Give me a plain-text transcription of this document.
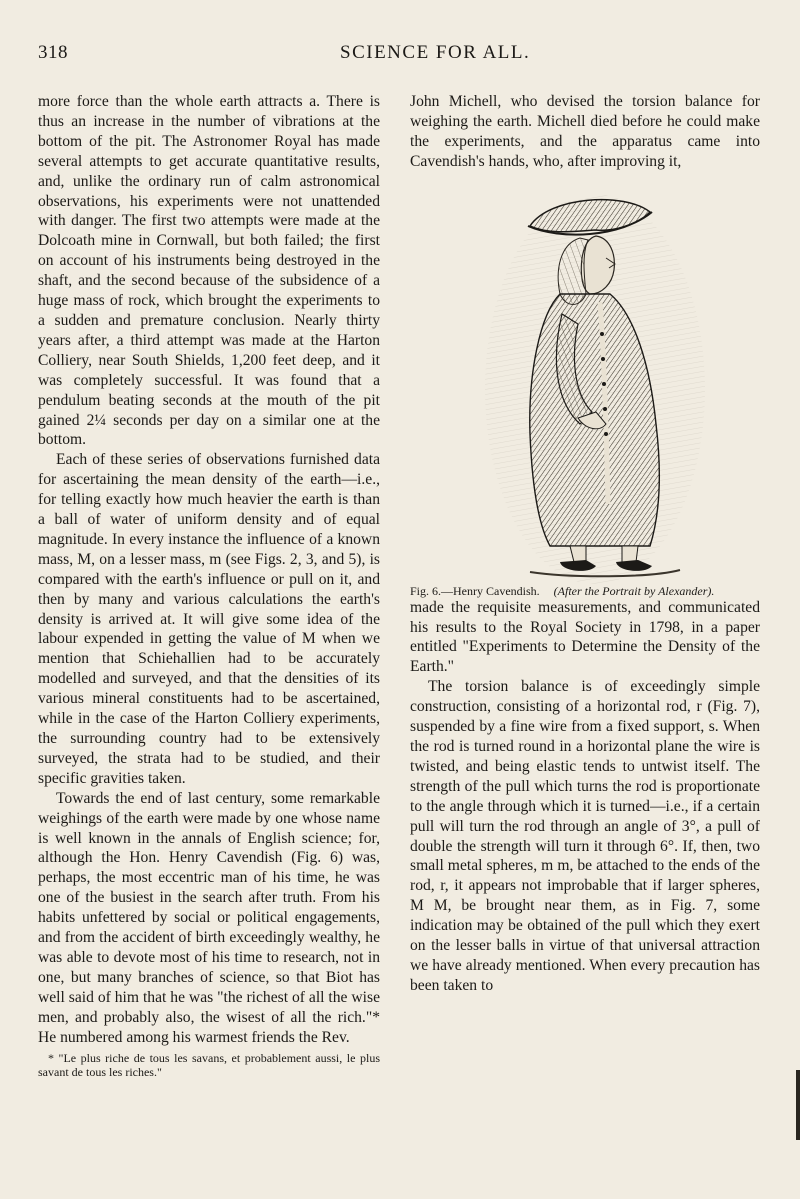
318	SCIENCE FOR ALL.

more force than the whole earth attracts a. There is thus an increase in the number of vibrations at the bottom of the pit. The Astronomer Royal has made several attempts to get accurate quantitative results, and, unlike the ordinary run of calm astronomical observations, his experiments were not unattended with danger. The first two attempts were made at the Dolcoath mine in Cornwall, but both failed; the first on account of his instruments being destroyed in the shaft, and the second because of the subsidence of a huge mass of rock, which brought the experiments to a sudden and premature conclusion. Nearly thirty years after, a third attempt was made at the Harton Colliery, near South Shields, 1,200 feet deep, and it was completely successful. It was found that a pendulum beating seconds at the mouth of the pit gained 2¼ seconds per day on a similar one at the bottom.

Each of these series of observations furnished data for ascertaining the mean density of the earth—i.e., for telling exactly how much heavier the earth is than a ball of water of uniform density and of equal magnitude. In every instance the influence of a known mass, M, on a lesser mass, m (see Figs. 2, 3, and 5), is compared with the earth's influence or pull on it, and then by many and various calculations the earth's density is arrived at. It will give some idea of the labour expended in getting the value of M when we mention that Schiehallien had to be accurately modelled and surveyed, and that the densities of its various mineral constituents had to be ascertained, while in the case of the Harton Colliery experiments, the surrounding country had to be extensively surveyed, the strata had to be studied, and their specific gravities taken.

Towards the end of last century, some remarkable weighings of the earth were made by one whose name is well known in the annals of English science; for, although the Hon. Henry Cavendish (Fig. 6) was, perhaps, the most eccentric man of his time, he was one of the busiest in the search after truth. From his habits unfettered by social or political engagements, and from the accident of birth exceedingly wealthy, he was able to devote most of his time to research, not in one, but many branches of science, so that Biot has well said of him that he was "the richest of all the wise men, and probably also, the wisest of all the rich."* He numbered among his warmest friends the Rev.

* "Le plus riche de tous les savans, et probablement aussi, le plus savant de tous les riches."

John Michell, who devised the torsion balance for weighing the earth. Michell died before he could make the experiments, and the apparatus came into Cavendish's hands, who, after improving it,

Fig. 6.—Henry Cavendish. (After the Portrait by Alexander).

made the requisite measurements, and communicated his results to the Royal Society in 1798, in a paper entitled "Experiments to Determine the Density of the Earth."

The torsion balance is of exceedingly simple construction, consisting of a horizontal rod, r (Fig. 7), suspended by a fine wire from a fixed support, s. When the rod is turned round in a horizontal plane the wire is twisted, and being elastic tends to untwist itself. The strength of the pull which turns the rod is proportionate to the angle through which it is turned—i.e., if a certain pull will turn the rod through an angle of 3°, a pull of double the strength will turn it through 6°. If, then, two small metal spheres, m m, be attached to the ends of the rod, r, it appears not improbable that if larger spheres, M M, be brought near them, as in Fig. 7, some indication may be obtained of the pull which they exert on the lesser balls in virtue of that universal attraction we have already mentioned. When every precaution has been taken to
